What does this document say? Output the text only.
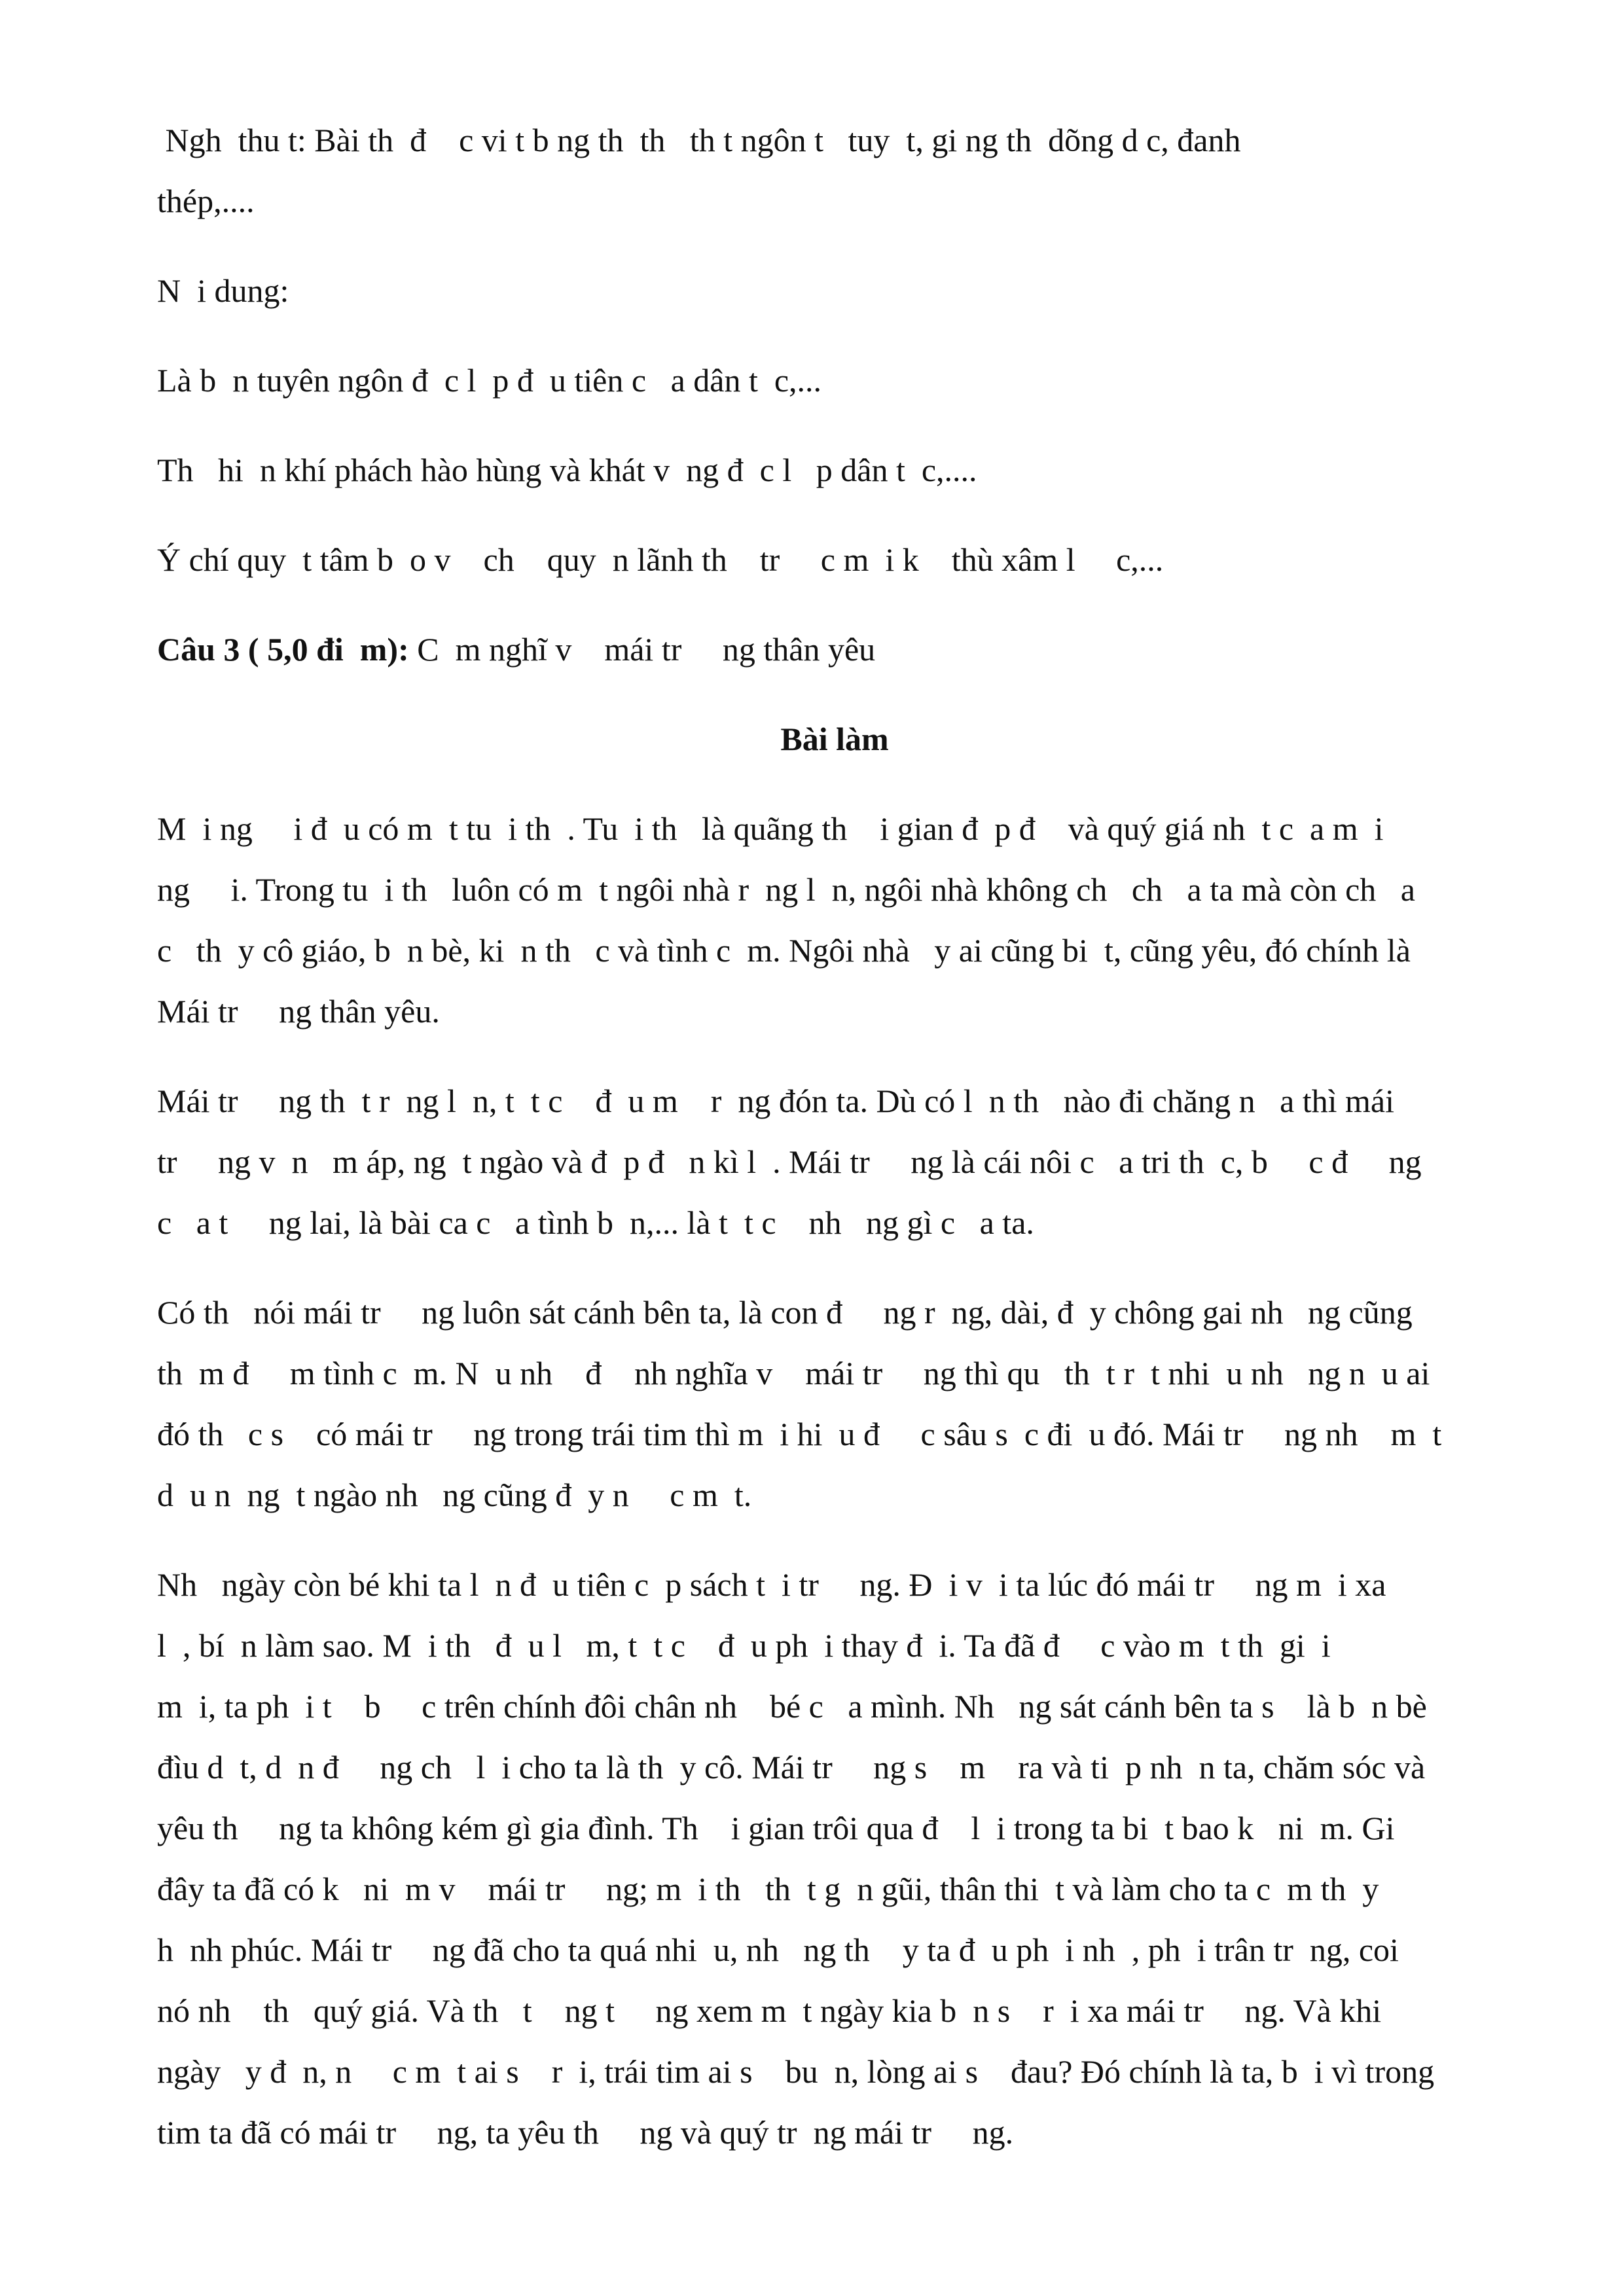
Ngh  thu t: Bài th  đ    c vi t b ng th  th   th t ngôn t   tuy  t, gi ng th  dõng d c, đanh

thép,....

N  i dung:

Là b  n tuyên ngôn đ  c l  p đ  u tiên c   a dân t  c,...

Th   hi  n khí phách hào hùng và khát v  ng đ  c l   p dân t  c,....

Ý chí quy  t tâm b  o v    ch    quy  n lãnh th    tr     c m  i k    thù xâm l     c,...

Câu 3 ( 5,0 đi  m): C  m nghĩ v    mái tr     ng thân yêu

Bài làm

M  i ng     i đ  u có m  t tu  i th  . Tu  i th   là quãng th    i gian đ  p đ    và quý giá nh  t c  a m  i

ng     i. Trong tu  i th   luôn có m  t ngôi nhà r  ng l  n, ngôi nhà không ch   ch   a ta mà còn ch   a

c   th  y cô giáo, b  n bè, ki  n th   c và tình c  m. Ngôi nhà   y ai cũng bi  t, cũng yêu, đó chính là

Mái tr     ng thân yêu.

Mái tr     ng th  t r  ng l  n, t  t c    đ  u m    r  ng đón ta. Dù có l  n th   nào đi chăng n   a thì mái

tr     ng v  n   m áp, ng  t ngào và đ  p đ   n kì l  . Mái tr     ng là cái nôi c   a tri th  c, b     c đ     ng

c   a t     ng lai, là bài ca c   a tình b  n,... là t  t c    nh   ng gì c   a ta.

Có th   nói mái tr     ng luôn sát cánh bên ta, là con đ     ng r  ng, dài, đ  y chông gai nh   ng cũng

th  m đ     m tình c  m. N  u nh    đ    nh nghĩa v    mái tr     ng thì qu   th  t r  t nhi  u nh   ng n  u ai

đó th   c s    có mái tr     ng trong trái tim thì m  i hi  u đ     c sâu s  c đi  u đó. Mái tr     ng nh    m  t

d  u n  ng  t ngào nh   ng cũng đ  y n     c m  t.

Nh   ngày còn bé khi ta l  n đ  u tiên c  p sách t  i tr     ng. Đ  i v  i ta lúc đó mái tr     ng m  i xa

l  , bí  n làm sao. M  i th   đ  u l   m, t  t c    đ  u ph  i thay đ  i. Ta đã đ     c vào m  t th  gi  i

m  i, ta ph  i t    b     c trên chính đôi chân nh    bé c   a mình. Nh   ng sát cánh bên ta s    là b  n bè

đìu d  t, d  n đ     ng ch   l  i cho ta là th  y cô. Mái tr     ng s    m    ra và ti  p nh  n ta, chăm sóc và

yêu th     ng ta không kém gì gia đình. Th    i gian trôi qua đ    l  i trong ta bi  t bao k   ni  m. Gi

đây ta đã có k   ni  m v    mái tr     ng; m  i th   th  t g  n gũi, thân thi  t và làm cho ta c  m th  y

h  nh phúc. Mái tr     ng đã cho ta quá nhi  u, nh   ng th    y ta đ  u ph  i nh  , ph  i trân tr  ng, coi

nó nh    th   quý giá. Và th   t    ng t     ng xem m  t ngày kia b  n s    r  i xa mái tr     ng. Và khi

ngày   y đ  n, n     c m  t ai s    r  i, trái tim ai s    bu  n, lòng ai s    đau? Đó chính là ta, b  i vì trong

tim ta đã có mái tr     ng, ta yêu th     ng và quý tr  ng mái tr     ng.
